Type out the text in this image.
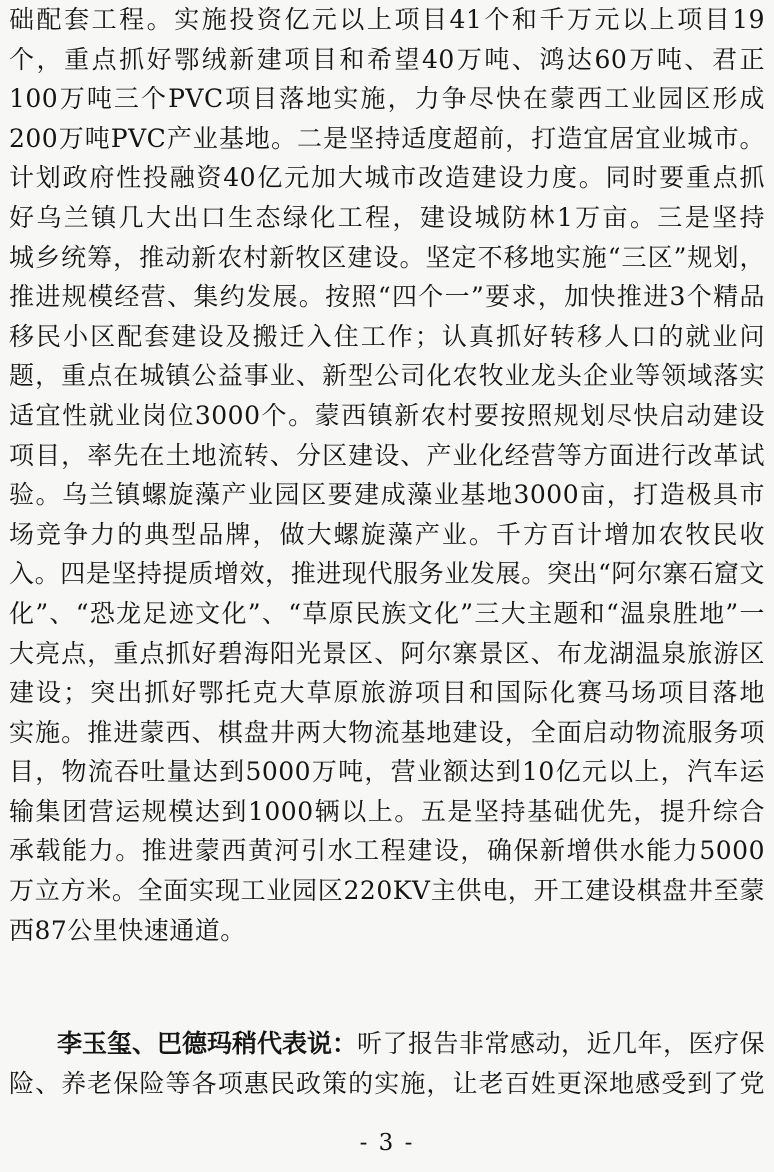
础配套工程。实施投资亿元以上项目41个和千万元以上项目19
个，重点抓好鄂绒新建项目和希望40万吨、鸿达60万吨、君正
100万吨三个PVC项目落地实施，力争尽快在蒙西工业园区形成
200万吨PVC产业基地。二是坚持适度超前，打造宜居宜业城市。
计划政府性投融资40亿元加大城市改造建设力度。同时要重点抓
好乌兰镇几大出口生态绿化工程，建设城防林1万亩。三是坚持
城乡统筹，推动新农村新牧区建设。坚定不移地实施“三区”规划，
推进规模经营、集约发展。按照“四个一”要求，加快推进3个精品
移民小区配套建设及搬迁入住工作；认真抓好转移人口的就业问
题，重点在城镇公益事业、新型公司化农牧业龙头企业等领域落实
适宜性就业岗位3000个。蒙西镇新农村要按照规划尽快启动建设
项目，率先在土地流转、分区建设、产业化经营等方面进行改革试
验。乌兰镇螺旋藻产业园区要建成藻业基地3000亩，打造极具市
场竞争力的典型品牌，做大螺旋藻产业。千方百计增加农牧民收
入。四是坚持提质增效，推进现代服务业发展。突出“阿尔寨石窟文
化”、“恐龙足迹文化”、“草原民族文化”三大主题和“温泉胜地”一
大亮点，重点抓好碧海阳光景区、阿尔寨景区、布龙湖温泉旅游区
建设；突出抓好鄂托克大草原旅游项目和国际化赛马场项目落地
实施。推进蒙西、棋盘井两大物流基地建设，全面启动物流服务项
目，物流吞吐量达到5000万吨，营业额达到10亿元以上，汽车运
输集团营运规模达到1000辆以上。五是坚持基础优先，提升综合
承载能力。推进蒙西黄河引水工程建设，确保新增供水能力5000
万立方米。全面实现工业园区220KV主供电，开工建设棋盘井至蒙
西87公里快速通道。
李玉玺、巴德玛稍代表说：听了报告非常感动，近几年，医疗保
险、养老保险等各项惠民政策的实施，让老百姓更深地感受到了党
- 3 -
